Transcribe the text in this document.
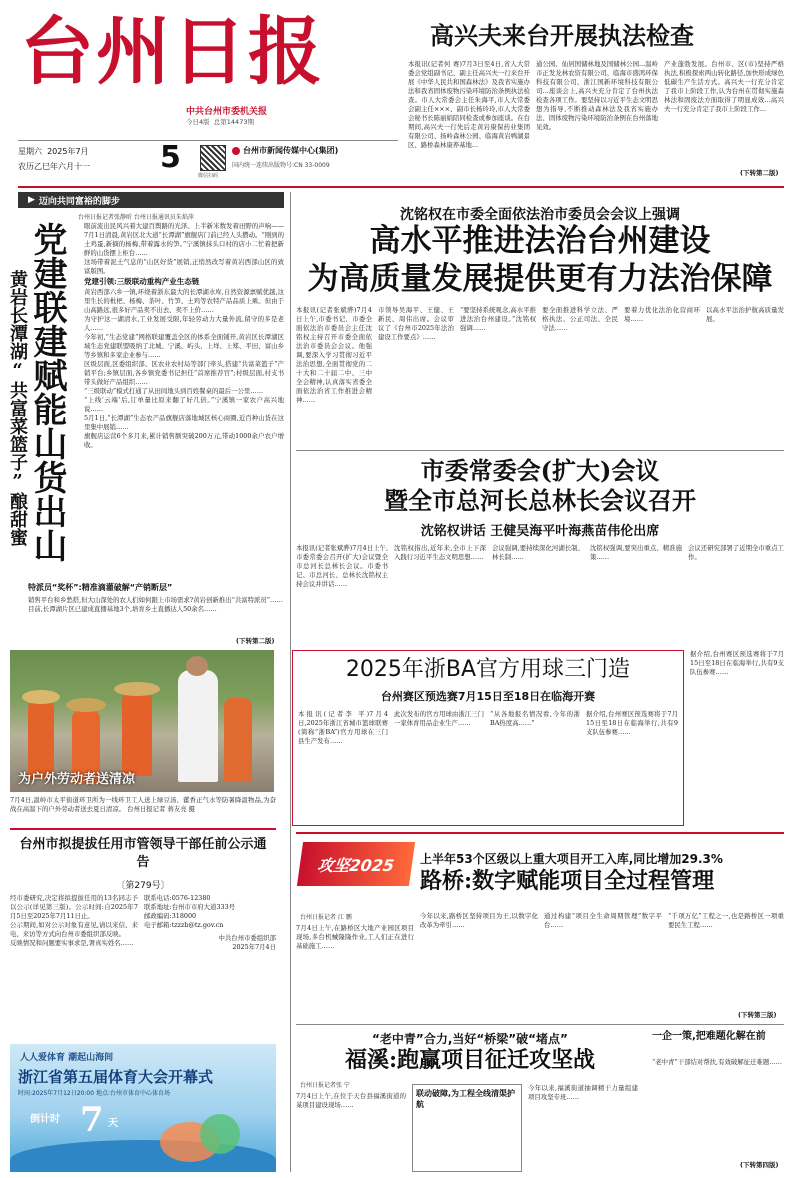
台州日报
中共台州市委机关报
今日4版 总第14473期
星期六 2025年7月
农历乙巳年六月十一 5
微信扫码
台州市新闻传媒中心(集团)
国内统一连续出版物号:CN 33-0009
高兴夫来台开展执法检查
本报讯(记者何 赛)7月3日至4日,省人大常委会党组副书记、副主任高兴夫一行来台开展《中华人民共和国森林法》及我省实施办法和我省固体废物污染环境防治条例执法检查。市人大常委会主任朱海平,市人大常委会副主任×××、副市长杨玲玲,市人大常委会秘书长陈丽娟陪同检查或参加座谈。在台期间,高兴夫一行先后走黄岩康保药业集团有限公司、扬岭森林公园、临海黄岩鸭湖景区、路桥森林康养基地...
通公园、仙居国储林地及国储林公园...温岭市正发龙林农资有限公司、临海市盛鸿环保科技有限公司、浙江国新环境科技有限公司...座谈会上,高兴夫充分肯定了台州执法检查各项工作。要坚持以习近平生态文明思想为指导,不断推动森林法及我省实施办法、固体废物污染环境防治条例在台州落地见效。
产业蓬勃发展。台州市、区(市)坚持严格执法,积极探索两山转化路径,加快形成绿色低碳生产生活方式。高兴夫一行充分肯定了我市上阶段工作,认为台州在贯彻实施森林法和固废法方面取得了明显成效...高兴夫一行充分肯定了我市上阶段工作...
(下转第二版)
▶ 迈向共同富裕的脚步
台州日报记者张静昕 台州日报通讯员朱焰萍
党建联建赋能山货出山
黄岩长潭湖“共富菜篮子”酿甜蜜

眼前流出民风兴着大建百舆路的光泽。上半新米数发着田野的声响——7月1日清晨,黄岩区北大道“长潭湖”旗舰店门前已经人头攒动。“刚到的土鸡蛋,新摘的杨梅,带着露水的笋。”宁溪镇抹头口村的店小二忙着把新鲜的山货摆上柜台……

这场带着泥土气息的“山区好货”展销,正悄然改写着黄岩西部山区的致富版图。

党建引领:三级联动重构产业生态链

黄岩西部六乡一镇,环绕着浙东最大的长潭湖水库,自然资源禀赋优越,这里生长的枇杷、杨梅、茶叶、竹笋、土鸡等农特产品品质上乘。但由于山高路远,很多好产品卖不出去、卖不上价……

为守护这一湖清水,工业发展受限,年轻劳动力大量外流,留守的多是老人……

今年初,“生态党建”网格联建覆盖全区的体系全面铺开,黄岩区长潭湖区域生态党建联盟吸纳了北城、宁溪、屿头、上垟、上郑、平田、富山乡等乡镇和多家企业参与……

区级层面,区委组织部、区农业农村局等部门牵头,搭建“共富菜篮子”产销平台;乡镇层面,各乡镇党委书记担任“首席推荐官”;村级层面,村支书带头做好产品组织……

“三级联动”模式打通了从田间地头到百姓餐桌的最后一公里……

“上线‘云端’后,订单量比原来翻了好几倍。”宁溪镇一家农户高兴地说……

5月1日,“长潭湖”生态农产品旗舰店落地城区核心商圈,近百种山货在这里集中展销……

旗舰店运营6个多月来,累计销售额突破200万元,带动1000余户农户增收。

特派员“奖杯”:精准滴灌破解“产销断层”

销售平台和乡愁搭,但大山深处的农人们如何跟上市场需求?黄岩创新推出“共富特派员”……

目前,长潭湖片区已建成直播基地3个,培育乡土直播达人50余名……

(下转第二版)
为户外劳动者送清凉
7月4日,温岭市太平街道环卫所为一线环卫工人送上绿豆汤、藿香正气水等防暑降温物品,为奋战在高温下的户外劳动者送去夏日清凉。 台州日报记者 蒋友亮 摄
台州市拟提拔任用市管领导干部任前公示通告
〔第279号〕

经市委研究,决定将拟提拔任用的13名同志予以公示(详见第三版)。公示时间:自2025年7月5日至2025年7月11日止。

公示期间,如对公示对象有意见,请以来信、来电、来访等方式向台州市委组织部反映。

反映情况和问题要实事求是,署真实姓名……

联系电话:0576-12380

联系地址:台州市市府大道333号

邮政编码:318000

电子邮箱:tzzzb@tz.gov.cn

中共台州市委组织部

2025年7月4日

人人爱体育 潮起山海间
浙江省第五届体育大会开幕式
时间:2025年7月12日20:00 地点:台州市体育中心体育场
倒计时 7 天
沈铭权在市委全面依法治市委员会会议上强调
高水平推进法治台州建设
为高质量发展提供更有力法治保障
本报讯(记者张斌骅)7月4日上午,市委书记、市委全面依法治市委员会主任沈铭权主持召开市委全面依法治市委员会会议。他强调,要深入学习贯彻习近平法治思想,全面贯彻党的二十大和二十届二中、三中全会精神,认真落实省委全面依法治省工作推进会精神……
市领导吴海平、王健、王新民、周伟出席。会议审议了《台州市2025年法治建设工作要点》……
“要坚持系统观念,高水平推进法治台州建设。”沈铭权强调……
要全面推进科学立法、严格执法、公正司法、全民守法……
要着力优化法治化营商环境……
以高水平法治护航高质量发展。
市委常委会(扩大)会议
暨全市总河长总林长会议召开
沈铭权讲话 王健吴海平叶海燕苗伟伦出席
本报讯(记者张斌骅)7月4日上午,市委常委会召开(扩大)会议暨全市总河长总林长会议。市委书记、市总河长、总林长沈铭权主持会议并讲话……
沈铭权指出,近年来,全市上下深入践行习近平生态文明思想……
会议强调,要持续深化河湖长制、林长制……
沈铭权强调,要突出重点、精准施策……
会议还研究部署了近期全市重点工作。
2025年浙BA官方用球三门造
台州赛区预选赛7月15日至18日在临海开赛
本报讯(记者李 平)7月4日,2025年浙江省城市篮球联赛(简称“浙BA”)官方用球在三门县生产发布……
此次发布的官方用球由浙江三门一家体育用品企业生产……
“从各地报名情况看,今年的浙BA热度高……”
据介绍,台州赛区预选赛将于7月15日至18日在临海举行,共有9支队伍参赛……
据介绍,台州赛区预选赛将于7月15日至18日在临海举行,共有9支队伍参赛……
攻坚2025 上半年53个区级以上重大项目开工入库,同比增加29.3%
路桥:数字赋能项目全过程管理
台州日报记者 江 鹏
7月4日上午,在路桥区大地产业园区项目现场,多台机械隆隆作业,工人们正在进行基础施工……
今年以来,路桥区坚持项目为王,以数字化改革为牵引……
通过构建“项目全生命周期管理”数字平台……
“千项万亿”工程之一,也是路桥区一项重要民生工程……
(下转第三版)
“老中青”合力,当好“桥梁”破“堵点”
福溪:跑赢项目征迁攻坚战
台州日报记者张 宁
7月4日上午,在位于天台县福溪街道的某项目建设现场……
联动破障,为工程全线清渠护航
今年以来,福溪街道抽调精干力量组建项目攻坚专班……
一企一策,把难题化解在前
“老中青”干部结对帮扶,有效破解征迁难题……
(下转第四版)
